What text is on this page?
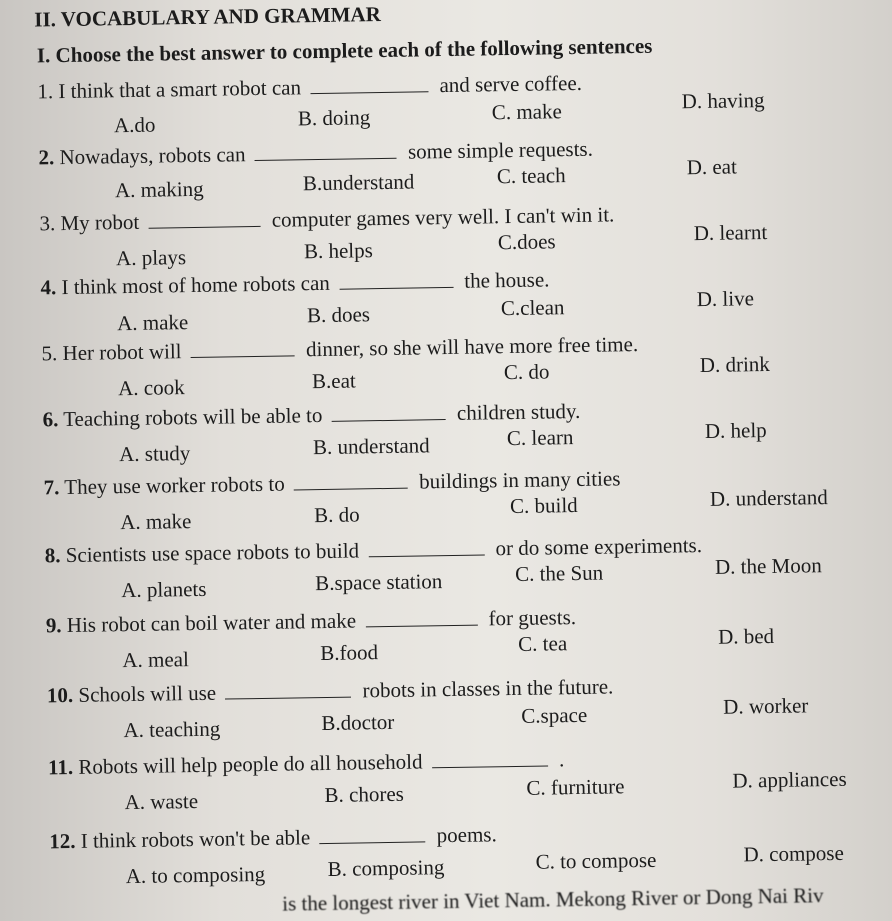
II. VOCABULARY AND GRAMMAR
I. Choose the best answer to complete each of the following sentences
1. I think that a smart robot can	and serve coffee.
A.do	B. doing	C. make	D. having
2. Nowadays, robots can	some simple requests.
A. making	B.understand	C. teach	D. eat
3. My robot	computer games very well. I can't win it.
A. plays	B. helps	C.does	D. learnt
4. I think most of home robots can	the house.
A. make	B. does	C.clean	D. live
5. Her robot will	dinner, so she will have more free time.
A. cook	B.eat	C. do	D. drink
6. Teaching robots will be able to	children study.
A. study	B. understand	C. learn	D. help
7. They use worker robots to	buildings in many cities
A. make	B. do	C. build	D. understand
8. Scientists use space robots to build	or do some experiments.
A. planets	B.space station	C. the Sun	D. the Moon
9. His robot can boil water and make	for guests.
A. meal	B.food	C. tea	D. bed
10. Schools will use	robots in classes in the future.
A. teaching	B.doctor	C.space	D. worker
11. Robots will help people do all household	.
A. waste	B. chores	C. furniture	D. appliances
12. I think robots won't be able	poems.
A. to composing	B. composing	C. to compose	D. compose
is the longest river in Viet Nam. Mekong River or Dong Nai Riv
